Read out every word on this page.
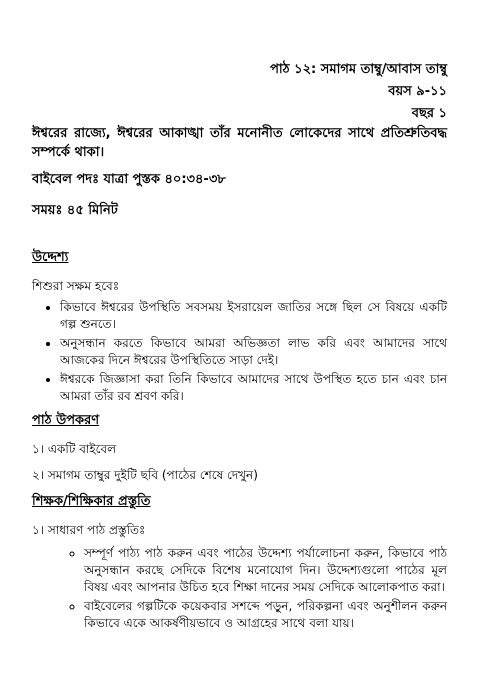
পাঠ ১২: সমাগম তাম্বু/আবাস তাম্বু
বয়স ৯-১১
বছর ১
ঈশ্বরের রাজ্যে, ঈশ্বরের আকাঙ্খা তাঁর মনোনীত লোকেদের সাথে প্রতিশ্রুতিবদ্ধ সম্পর্কে থাকা।
বাইবেল পদঃ যাত্রা পুস্তক ৪০:৩৪-৩৮
সময়ঃ ৪৫ মিনিট
উদ্দেশ্য
শিশুরা সক্ষম হবেঃ
• কিভাবে ঈশ্বরের উপস্থিতি সবসময় ইসরায়েল জাতির সঙ্গে ছিল সে বিষয়ে একটি গল্প শুনতে।
• অনুসন্ধান করতে কিভাবে আমরা অভিজ্ঞতা লাভ করি এবং আমাদের সাথে আজকের দিনে ঈশ্বরের উপস্থিতিতে সাড়া দেই।
• ঈশ্বরকে জিজ্ঞাসা করা তিনি কিভাবে আমাদের সাথে উপস্থিত হতে চান এবং চান আমরা তাঁর রব শ্রবণ করি।
পাঠ উপকরণ
১। একটি বাইবেল
২। সমাগম তাম্বুর দুইটি ছবি (পাঠের শেষে দেখুন)
শিক্ষক/শিক্ষিকার প্রস্তুতি
১। সাধারণ পাঠ প্রস্তুতিঃ
◦ সম্পূর্ণ পাঠ্য পাঠ করুন এবং পাঠের উদ্দেশ্য পর্যালোচনা করুন, কিভাবে পাঠ অনুসন্ধান করছে সেদিকে বিশেষ মনোযোগ দিন। উদ্দেশ্যগুলো পাঠের মূল বিষয় এবং আপনার উচিত হবে শিক্ষা দানের সময় সেদিকে আলোকপাত করা।
◦ বাইবেলের গল্পটিকে কয়েকবার সশব্দে পড়ুন, পরিকল্পনা এবং অনুশীলন করুন কিভাবে একে আকর্ষণীয়ভাবে ও আগ্রহের সাথে বলা যায়।
